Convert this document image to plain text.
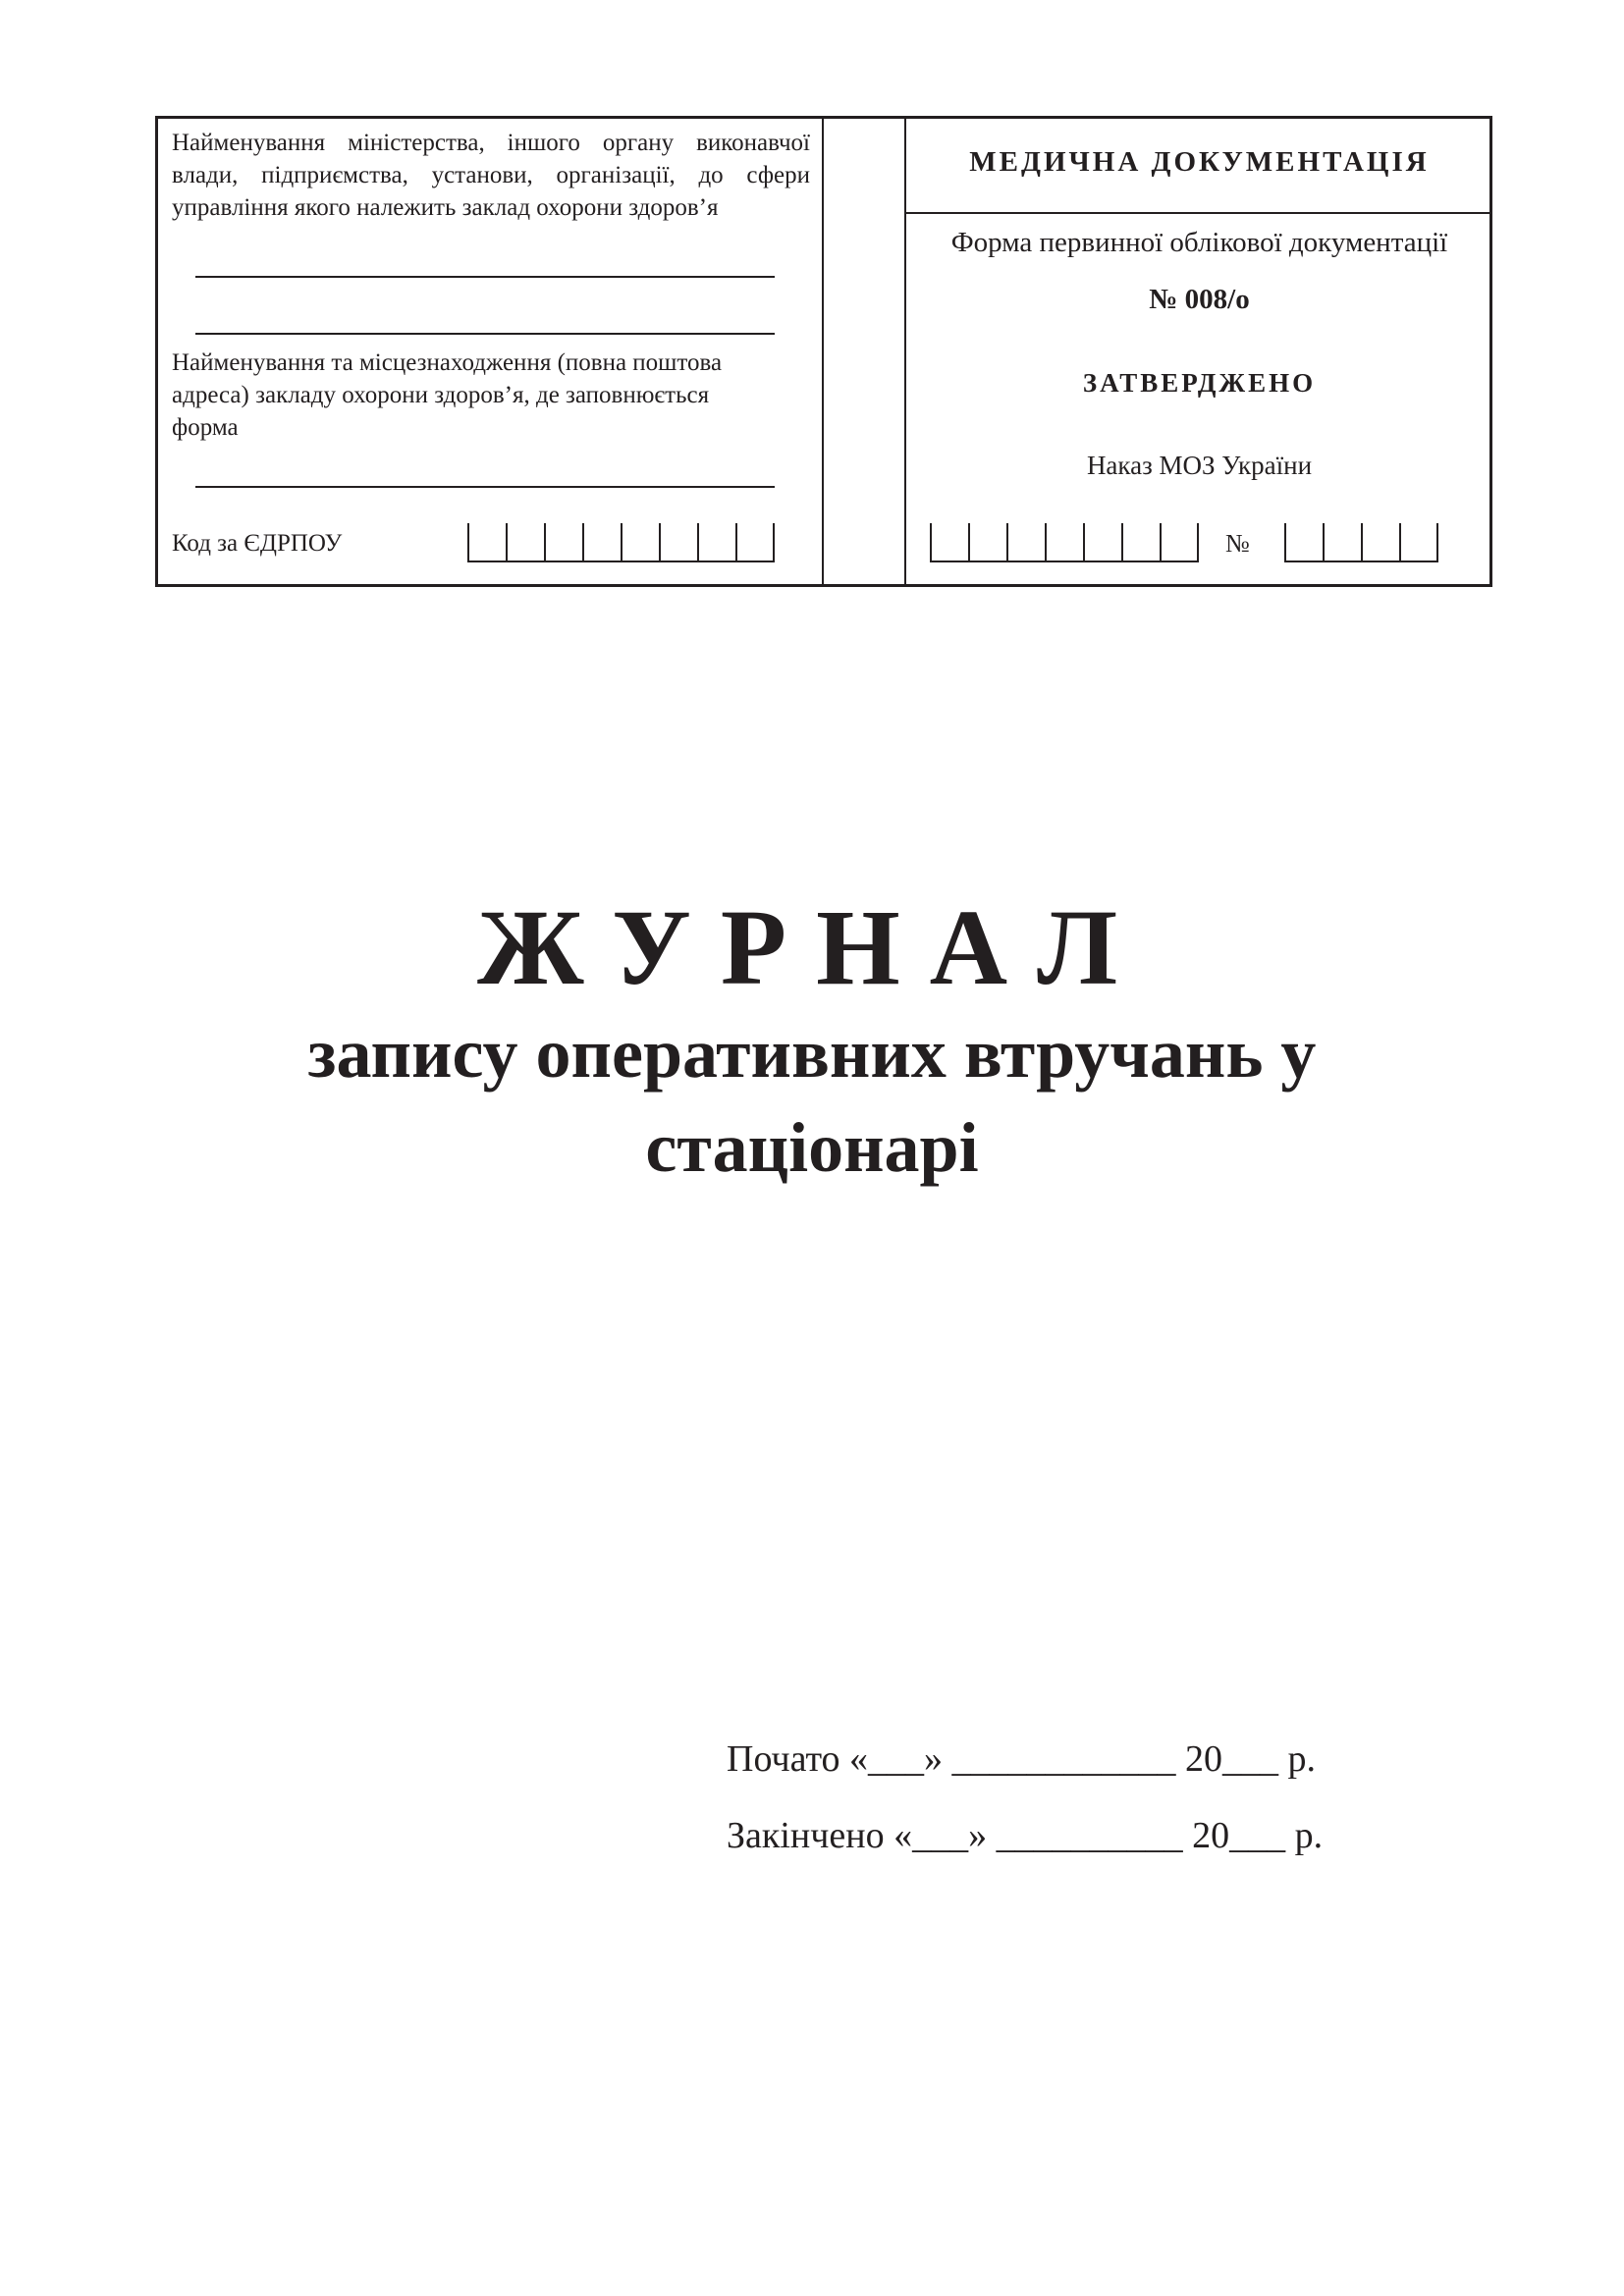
Найменування міністерства, іншого органу виконавчої влади, підприємства, установи, організації, до сфери управління якого належить заклад охорони здоров’я

Найменування та місцезнаходження (повна поштова адреса) закладу охорони здоров’я, де заповнюється форма

Код за ЄДРПОУ

МЕДИЧНА ДОКУМЕНТАЦІЯ

Форма первинної облікової документації

№ 008/о

ЗАТВЕРДЖЕНО

Наказ МОЗ України

№

ЖУРНАЛ
запису оперативних втручань у
стаціонарі
Почато «___» ____________ 20___ р.
Закінчено «___» __________ 20___ р.
